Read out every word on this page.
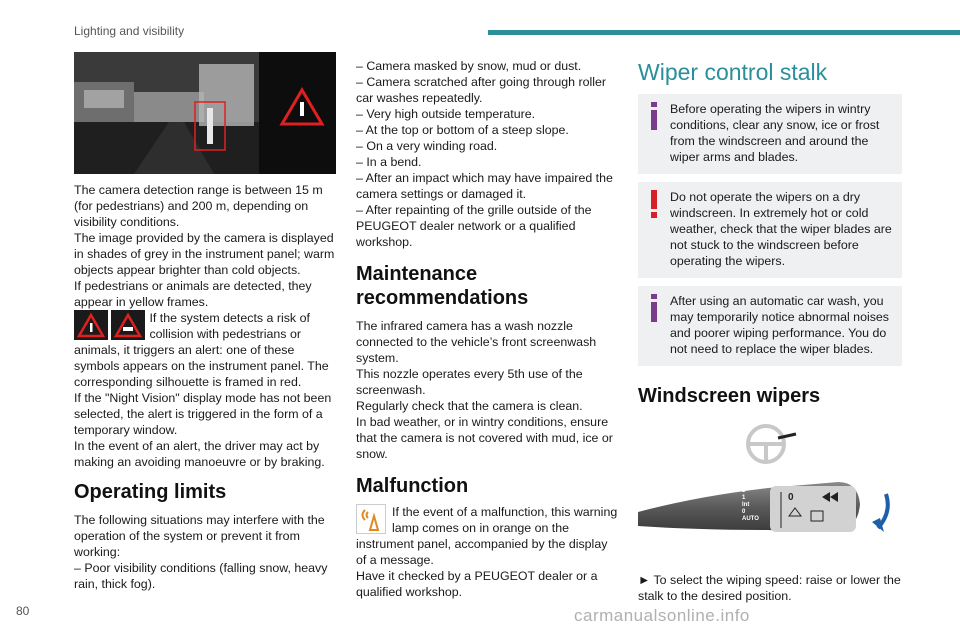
Lighting and visibility

The camera detection range is between 15 m (for pedestrians) and 200 m, depending on visibility conditions.

The image provided by the camera is displayed in shades of grey in the instrument panel; warm objects appear brighter than cold objects.

If pedestrians or animals are detected, they appear in yellow frames.

If the system detects a risk of collision with pedestrians or animals, it triggers an alert: one of these symbols appears on the instrument panel. The corresponding silhouette is framed in red.

If the "Night Vision" display mode has not been selected, the alert is triggered in the form of a temporary window.

In the event of an alert, the driver may act by making an avoiding manoeuvre or by braking.

Operating limits

The following situations may interfere with the operation of the system or prevent it from working:

– Poor visibility conditions (falling snow, heavy rain, thick fog).

– Camera masked by snow, mud or dust.

– Camera scratched after going through roller car washes repeatedly.

– Very high outside temperature.

– At the top or bottom of a steep slope.

– On a very winding road.

– In a bend.

– After an impact which may have impaired the camera settings or damaged it.

– After repainting of the grille outside of the PEUGEOT dealer network or a qualified workshop.

Maintenance recommendations

The infrared camera has a wash nozzle connected to the vehicle’s front screenwash system.

This nozzle operates every 5th use of the screenwash.

Regularly check that the camera is clean.

In bad weather, or in wintry conditions, ensure that the camera is not covered with mud, ice or snow.

Malfunction

If the event of a malfunction, this warning lamp comes on in orange on the instrument panel, accompanied by the display of a message.

Have it checked by a PEUGEOT dealer or a qualified workshop.

Wiper control stalk

Before operating the wipers in wintry conditions, clear any snow, ice or frost from the windscreen and around the wiper arms and blades.

Do not operate the wipers on a dry windscreen. In extremely hot or cold weather, check that the wiper blades are not stuck to the windscreen before operating the wipers.

After using an automatic car wash, you may temporarily notice abnormal noises and poorer wiping performance. You do not need to replace the wiper blades.

Windscreen wipers
2
1
Int
0
AUTO
0

► To select the wiping speed: raise or lower the stalk to the desired position.

80	carmanualsonline.info
